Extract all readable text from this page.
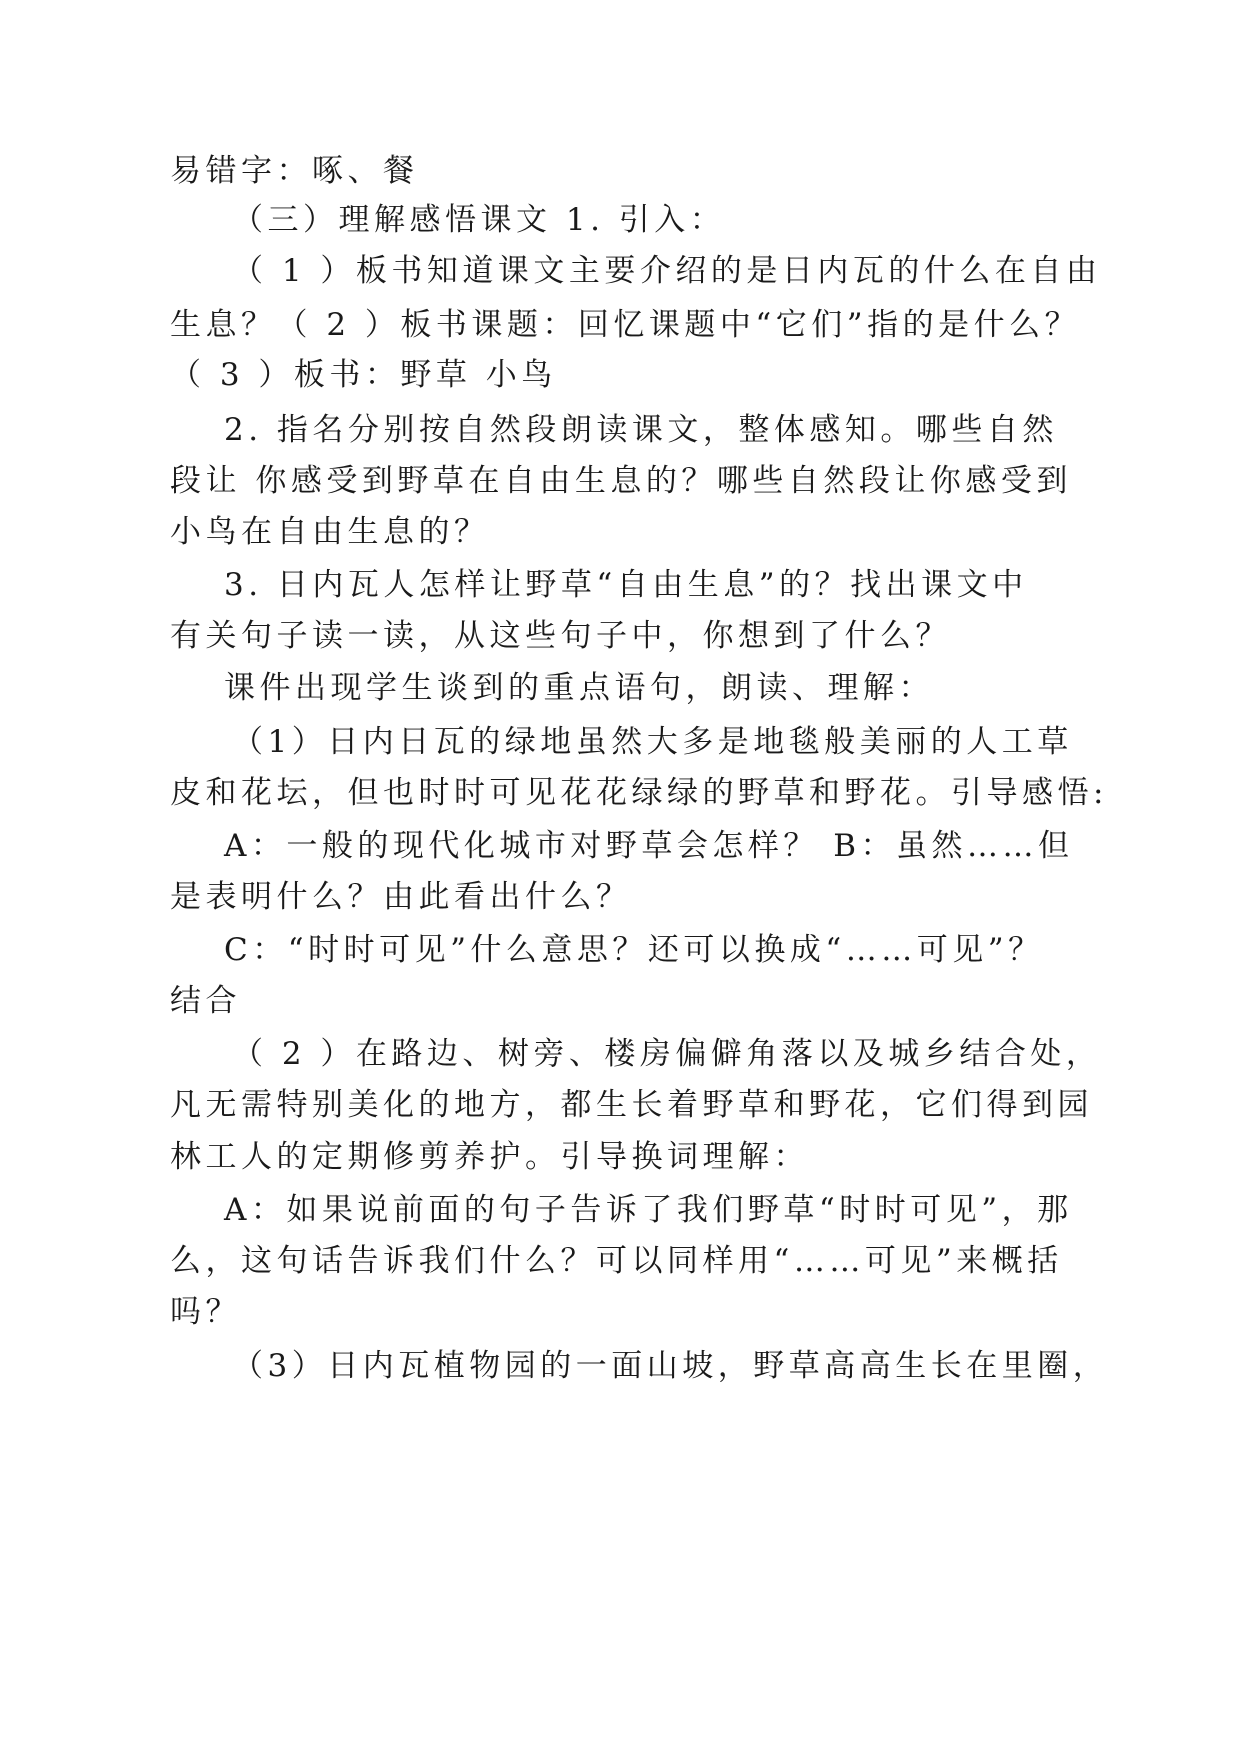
易错字：啄、餐
（三）理解感悟课文 1. 引入：
（ 1 ）板书知道课文主要介绍的是日内瓦的什么在自由
生息？（ 2 ）板书课题：回忆课题中“它们”指的是什么？
（ 3 ）板书：野草 小鸟
2. 指名分别按自然段朗读课文，整体感知。哪些自然
段让 你感受到野草在自由生息的？哪些自然段让你感受到
小鸟在自由生息的？
3. 日内瓦人怎样让野草“自由生息”的？找出课文中
有关句子读一读，从这些句子中，你想到了什么？
课件出现学生谈到的重点语句，朗读、理解：
（1）日内日瓦的绿地虽然大多是地毯般美丽的人工草
皮和花坛，但也时时可见花花绿绿的野草和野花。引导感悟:
A：一般的现代化城市对野草会怎样？ B：虽然……但
是表明什么？由此看出什么？
C：“时时可见”什么意思？还可以换成“……可见”？
结合
（ 2 ）在路边、树旁、楼房偏僻角落以及城乡结合处，
凡无需特别美化的地方，都生长着野草和野花，它们得到园
林工人的定期修剪养护。引导换词理解：
A：如果说前面的句子告诉了我们野草“时时可见”，那
么，这句话告诉我们什么？可以同样用“……可见”来概括
吗？
（3）日内瓦植物园的一面山坡，野草高高生长在里圈，
